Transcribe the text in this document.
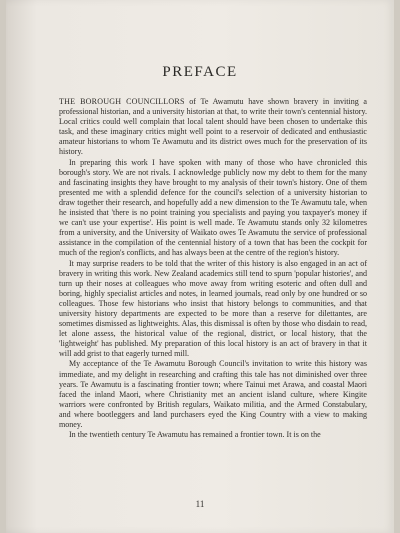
PREFACE

THE BOROUGH COUNCILLORS of Te Awamutu have shown bravery in inviting a professional historian, and a university historian at that, to write their town's centennial history. Local critics could well complain that local talent should have been chosen to undertake this task, and these imaginary critics might well point to a reservoir of dedicated and enthusiastic amateur historians to whom Te Awamutu and its district owes much for the preservation of its history.

In preparing this work I have spoken with many of those who have chronicled this borough's story. We are not rivals. I acknowledge publicly now my debt to them for the many and fascinating insights they have brought to my analysis of their town's history. One of them presented me with a splendid defence for the council's selection of a university historian to draw together their research, and hopefully add a new dimension to the Te Awamutu tale, when he insisted that 'there is no point training you specialists and paying you taxpayer's money if we can't use your expertise'. His point is well made. Te Awamutu stands only 32 kilometres from a university, and the University of Waikato owes Te Awamutu the service of professional assistance in the compilation of the centennial history of a town that has been the cockpit for much of the region's conflicts, and has always been at the centre of the region's history.

It may surprise readers to be told that the writer of this history is also engaged in an act of bravery in writing this work. New Zealand academics still tend to spurn 'popular histories', and turn up their noses at colleagues who move away from writing esoteric and often dull and boring, highly specialist articles and notes, in learned journals, read only by one hundred or so colleagues. Those few historians who insist that history belongs to communities, and that university history departments are expected to be more than a reserve for dilettantes, are sometimes dismissed as lightweights. Alas, this dismissal is often by those who disdain to read, let alone assess, the historical value of the regional, district, or local history, that the 'lightweight' has published. My preparation of this local history is an act of bravery in that it will add grist to that eagerly turned mill.

My acceptance of the Te Awamutu Borough Council's invitation to write this history was immediate, and my delight in researching and crafting this tale has not diminished over three years. Te Awamutu is a fascinating frontier town; where Tainui met Arawa, and coastal Maori faced the inland Maori, where Christianity met an ancient island culture, where Kingite warriors were confronted by British regulars, Waikato militia, and the Armed Constabulary, and where bootleggers and land purchasers eyed the King Country with a view to making money.

In the twentieth century Te Awamutu has remained a frontier town. It is on the

11
